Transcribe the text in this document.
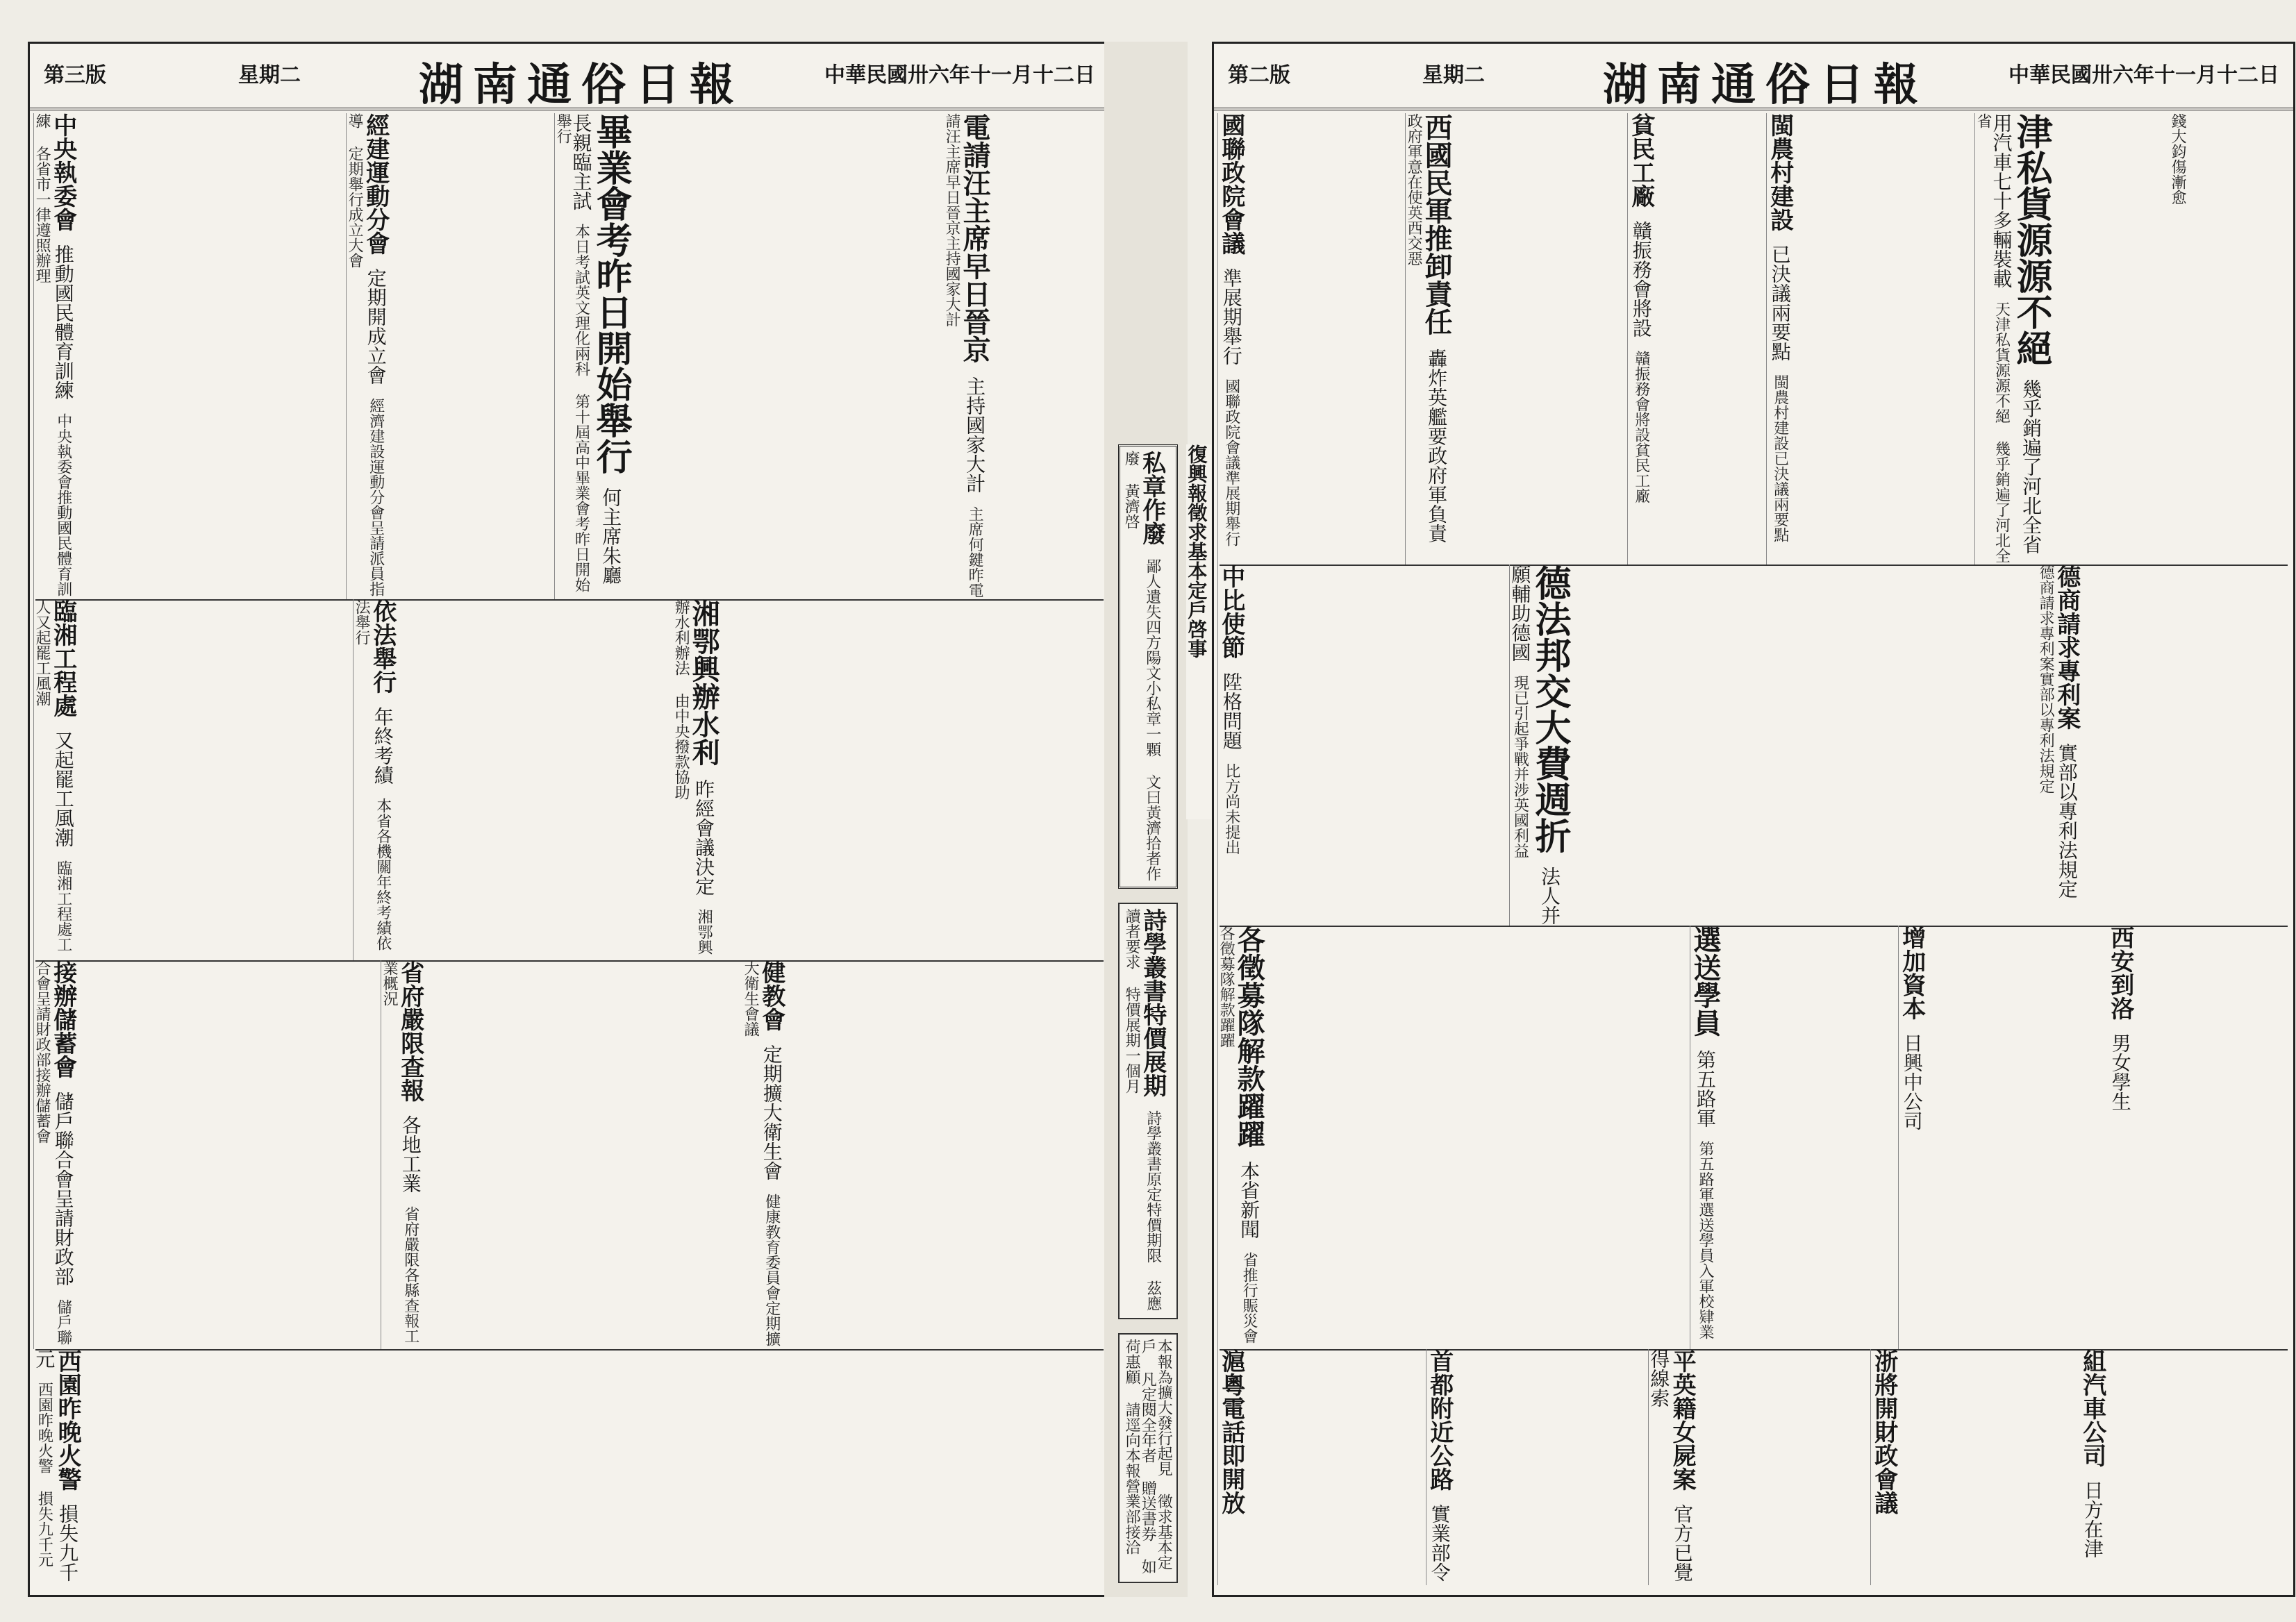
第三版	星期二	湖南通俗日報	中華民國卅六年十一月十二日
電請汪主席早日晉京 主持國家大計 主席何鍵昨電請汪主席早日晉京主持國家大計
畢業會考昨日開始舉行 何主席朱廳長親臨主試 本日考試英文理化兩科 第十屆高中畢業會考昨日開始舉行
經建運動分會 定期開成立會 經濟建設運動分會呈請派員指導 定期舉行成立大會
中央執委會 推動國民體育訓練 中央執委會推動國民體育訓練 各省市一律遵照辦理
湘鄂興辦水利 昨經會議決定 湘鄂興辦水利辦法 由中央撥款協助
依法舉行 年終考績 本省各機關年終考績依法舉行
臨湘工程處 又起罷工風潮 臨湘工程處工人又起罷工風潮
健教會 定期擴大衛生會 健康教育委員會定期擴大衛生會議
省府嚴限查報 各地工業 省府嚴限各縣查報工業概況
接辦儲蓄會 儲戶聯合會呈請財政部 儲戶聯合會呈請財政部接辦儲蓄會
西園昨晚火警 損失九千元 西園昨晚火警 損失九千元
私章作廢 鄙人遺失四方陽文小私章一顆 文曰黃濟拾者作廢 黃濟啓	復興報徵求基本定戶啓事
詩學叢書特價展期 詩學叢書原定特價期限 茲應讀者要求 特價展期一個月
本報為擴大發行起見 徵求基本定戶 凡定閱全年者 贈送書券 如荷惠顧 請逕向本報營業部接洽
第二版	星期二	湖南通俗日報	中華民國卅六年十一月十二日
錢大鈞傷漸愈
津私貨源源不絕 幾乎銷遍了河北全省 用汽車七十多輛裝載 天津私貨源源不絕 幾乎銷遍了河北全省
閩農村建設 已決議兩要點 閩農村建設已決議兩要點
貧民工廠 贛振務會將設 贛振務會將設貧民工廠
西國民軍推卸責任 轟炸英艦要政府軍負責 政府軍意在使英西交惡
國聯政院會議 準展期舉行 國聯政院會議準展期舉行
德商請求專利案 實部以專利法規定 德商請求專利案實部以專利法規定
德法邦交大費週折 法人并願輔助德國 現已引起爭戰并涉英國利益
中比使節 陞格問題 比方尚未提出
西安到洛 男女學生
增加資本 日興中公司
選送學員 第五路軍 第五路軍選送學員入軍校肄業
各徵募隊解款躍躍 本省新聞 省推行賑災會 各徵募隊解款躍躍
組汽車公司 日方在津
浙將開財政會議
平英籍女屍案 官方已覺得線索
首都附近公路 實業部令
滬粵電話即開放
